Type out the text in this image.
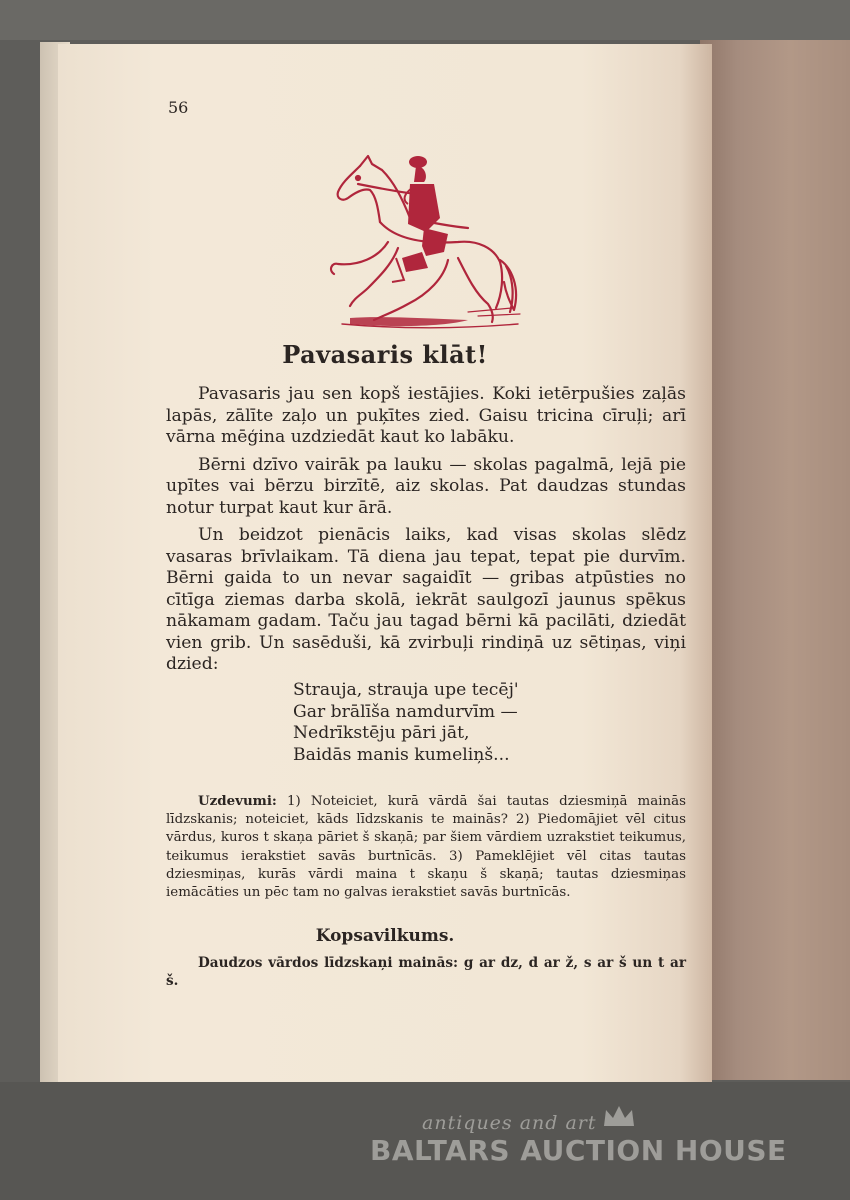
56
Pavasaris klāt!

Pavasaris jau sen kopš iestājies. Koki ietērpušies zaļās lapās, zālīte zaļo un puķītes zied. Gaisu tricina cīruļi; arī vārna mēģina uzdziedāt kaut ko labāku.

Bērni dzīvo vairāk pa lauku — skolas pagalmā, lejā pie upītes vai bērzu birzītē, aiz skolas. Pat daudzas stundas notur turpat kaut kur ārā.

Un beidzot pienācis laiks, kad visas skolas slēdz vasaras brīvlaikam. Tā diena jau tepat, tepat pie durvīm. Bērni gaida to un nevar sagaidīt — gribas atpūsties no cītīga ziemas darba skolā, iekrāt saulgozī jaunus spēkus nākamam gadam. Taču jau tagad bērni kā pacilāti, dziedāt vien grib. Un sasēduši, kā zvirbuļi rindiņā uz sētiņas, viņi dzied:

Strauja, strauja upe tecēj'
Gar brālīša namdurvīm —
Nedrīkstēju pāri jāt,
Baidās manis kumeliņš...
Uzdevumi: 1) Noteiciet, kurā vārdā šai tautas dziesmiņā mainās līdzskanis; noteiciet, kāds līdzskanis te mainās? 2) Piedomājiet vēl citus vārdus, kuros t skaņa pāriet š skaņā; par šiem vārdiem uzrakstiet teikumus, teikumus ierakstiet savās burtnīcās. 3) Pameklējiet vēl citas tautas dziesmiņas, kurās vārdi maina t skaņu š skaņā; tautas dziesmiņas iemācāties un pēc tam no galvas ierakstiet savās burtnīcās.
Kopsavilkums.
Daudzos vārdos līdzskaņi mainās: g ar dz, d ar ž, s ar š un t ar š.
antiques and art
BALTARS AUCTION HOUSE
